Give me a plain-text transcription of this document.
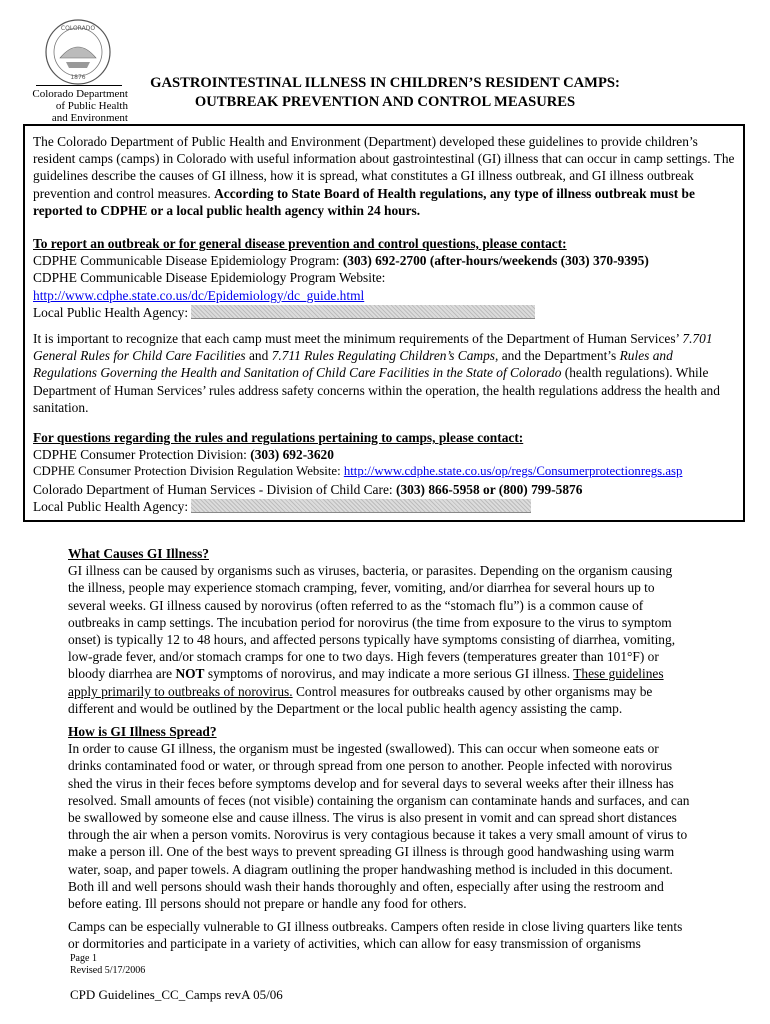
COLORADO
1876
Colorado Department
of Public Health
and Environment
GASTROINTESTINAL ILLNESS IN CHILDREN’S RESIDENT CAMPS:
OUTBREAK PREVENTION AND CONTROL MEASURES

The Colorado Department of Public Health and Environment (Department) developed these guidelines to provide children’s resident camps (camps) in Colorado with useful information about gastrointestinal (GI) illness that can occur in camp settings. The guidelines describe the causes of GI illness, how it is spread, what constitutes a GI illness outbreak, and GI illness outbreak prevention and control measures. According to State Board of Health regulations, any type of illness outbreak must be reported to CDPHE or a local public health agency within 24 hours.

To report an outbreak or for general disease prevention and control questions, please contact:
CDPHE Communicable Disease Epidemiology Program: (303) 692-2700 (after-hours/weekends (303) 370-9395)
CDPHE Communicable Disease Epidemiology Program Website:
http://www.cdphe.state.co.us/dc/Epidemiology/dc_guide.html
Local Public Health Agency:

It is important to recognize that each camp must meet the minimum requirements of the Department of Human Services’ 7.701 General Rules for Child Care Facilities and 7.711 Rules Regulating Children’s Camps, and the Department’s Rules and Regulations Governing the Health and Sanitation of Child Care Facilities in the State of Colorado (health regulations). While Department of Human Services’ rules address safety concerns within the operation, the health regulations address the health and sanitation.

For questions regarding the rules and regulations pertaining to camps, please contact:
CDPHE Consumer Protection Division: (303) 692-3620
CDPHE Consumer Protection Division Regulation Website: http://www.cdphe.state.co.us/op/regs/Consumerprotectionregs.asp
Colorado Department of Human Services - Division of Child Care: (303) 866-5958 or (800) 799-5876
Local Public Health Agency:
What Causes GI Illness?

GI illness can be caused by organisms such as viruses, bacteria, or parasites. Depending on the organism causing the illness, people may experience stomach cramping, fever, vomiting, and/or diarrhea for several hours up to several weeks. GI illness caused by norovirus (often referred to as the “stomach flu”) is a common cause of outbreaks in camp settings. The incubation period for norovirus (the time from exposure to the virus to symptom onset) is typically 12 to 48 hours, and affected persons typically have symptoms consisting of diarrhea, vomiting, low-grade fever, and/or stomach cramps for one to two days. High fevers (temperatures greater than 101°F) or bloody diarrhea are NOT symptoms of norovirus, and may indicate a more serious GI illness. These guidelines apply primarily to outbreaks of norovirus. Control measures for outbreaks caused by other organisms may be different and would be outlined by the Department or the local public health agency assisting the camp.

How is GI Illness Spread?

In order to cause GI illness, the organism must be ingested (swallowed). This can occur when someone eats or drinks contaminated food or water, or through spread from one person to another. People infected with norovirus shed the virus in their feces before symptoms develop and for several days to several weeks after their illness has resolved. Small amounts of feces (not visible) containing the organism can contaminate hands and surfaces, and can be swallowed by someone else and cause illness. The virus is also present in vomit and can spread short distances through the air when a person vomits. Norovirus is very contagious because it takes a very small amount of virus to make a person ill. One of the best ways to prevent spreading GI illness is through good handwashing using warm water, soap, and paper towels. A diagram outlining the proper handwashing method is included in this document. Both ill and well persons should wash their hands thoroughly and often, especially after using the restroom and before eating. Ill persons should not prepare or handle any food for others.

Camps can be especially vulnerable to GI illness outbreaks. Campers often reside in close living quarters like tents or dormitories and participate in a variety of activities, which can allow for easy transmission of organisms

Page 1
Revised 5/17/2006
CPD Guidelines_CC_Camps revA 05/06
